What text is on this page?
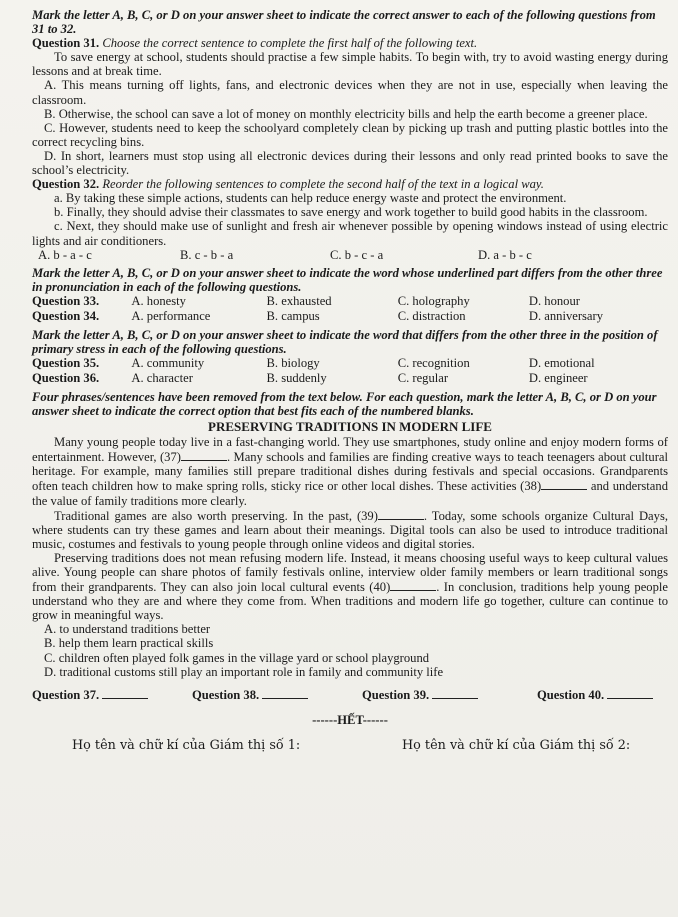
Mark the letter A, B, C, or D on your answer sheet to indicate the correct answer to each of the following questions from 31 to 32.

Question 31. Choose the correct sentence to complete the first half of the following text.

To save energy at school, students should practise a few simple habits. To begin with, try to avoid wasting energy during lessons and at break time.

A. This means turning off lights, fans, and electronic devices when they are not in use, especially when leaving the classroom.

B. Otherwise, the school can save a lot of money on monthly electricity bills and help the earth become a greener place.

C. However, students need to keep the schoolyard completely clean by picking up trash and putting plastic bottles into the correct recycling bins.

D. In short, learners must stop using all electronic devices during their lessons and only read printed books to save the school’s electricity.

Question 32. Reorder the following sentences to complete the second half of the text in a logical way.

a. By taking these simple actions, students can help reduce energy waste and protect the environment.

b. Finally, they should advise their classmates to save energy and work together to build good habits in the classroom.

c. Next, they should make use of sunlight and fresh air whenever possible by opening windows instead of using electric lights and air conditioners.

A. b - a - c	B. c - b - a	C. b - c - a	D. a - b - c

Mark the letter A, B, C, or D on your answer sheet to indicate the word whose underlined part differs from the other three in pronunciation in each of the following questions.

Question 33.	A. honesty	B. exhausted	C. holography	D. honour
Question 34.	A. performance	B. campus	C. distraction	D. anniversary

Mark the letter A, B, C, or D on your answer sheet to indicate the word that differs from the other three in the position of primary stress in each of the following questions.

Question 35.	A. community	B. biology	C. recognition	D. emotional
Question 36.	A. character	B. suddenly	C. regular	D. engineer

Four phrases/sentences have been removed from the text below. For each question, mark the letter A, B, C, or D on your answer sheet to indicate the correct option that best fits each of the numbered blanks.

PRESERVING TRADITIONS IN MODERN LIFE

Many young people today live in a fast-changing world. They use smartphones, study online and enjoy modern forms of entertainment. However, (37)	. Many schools and families are finding creative ways to teach teenagers about cultural heritage. For example, many families still prepare traditional dishes during festivals and special occasions. Grandparents often teach children how to make spring rolls, sticky rice or other local dishes. These activities (38)	and understand the value of family traditions more clearly.

Traditional games are also worth preserving. In the past, (39)	. Today, some schools organize Cultural Days, where students can try these games and learn about their meanings. Digital tools can also be used to introduce traditional music, costumes and festivals to young people through online videos and digital stories.

Preserving traditions does not mean refusing modern life. Instead, it means choosing useful ways to keep cultural values alive. Young people can share photos of family festivals online, interview older family members or learn traditional songs from their grandparents. They can also join local cultural events (40)	. In conclusion, traditions help young people understand who they are and where they come from. When traditions and modern life go together, culture can continue to grow in meaningful ways.

A. to understand traditions better

B. help them learn practical skills

C. children often played folk games in the village yard or school playground

D. traditional customs still play an important role in family and community life

Question 37.	Question 38.	Question 39.	Question 40.
------HẾT------
Họ tên và chữ kí của Giám thị số 1:	Họ tên và chữ kí của Giám thị số 2:
